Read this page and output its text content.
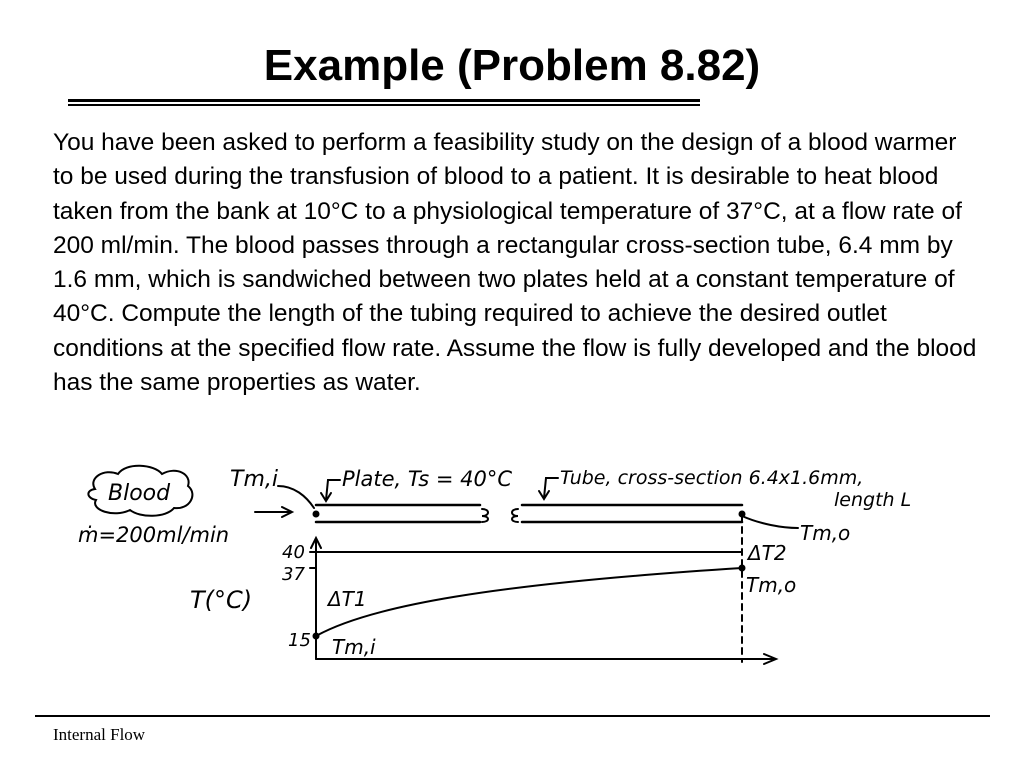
Example (Problem 8.82)
You have been asked to perform a feasibility study on the design of a blood warmer to be used during the transfusion of blood to a patient. It is desirable to heat blood taken from the bank at 10°C to a physiological temperature of 37°C, at a flow rate of 200 ml/min. The blood passes through a rectangular cross-section tube, 6.4 mm by 1.6 mm, which is sandwiched between two plates held at a constant temperature of 40°C. Compute the length of the tubing required to achieve the desired outlet conditions at the specified flow rate. Assume the flow is fully developed and the blood has the same properties as water.
Blood
ṁ=200ml/min
Tm,i	Plate, Ts = 40°C	Tube, cross-section 6.4x1.6mm,
length L
Tm,o
T(°C)
40
37
15
ΔT1
ΔT2
Tm,o
Tm,i
Internal Flow
